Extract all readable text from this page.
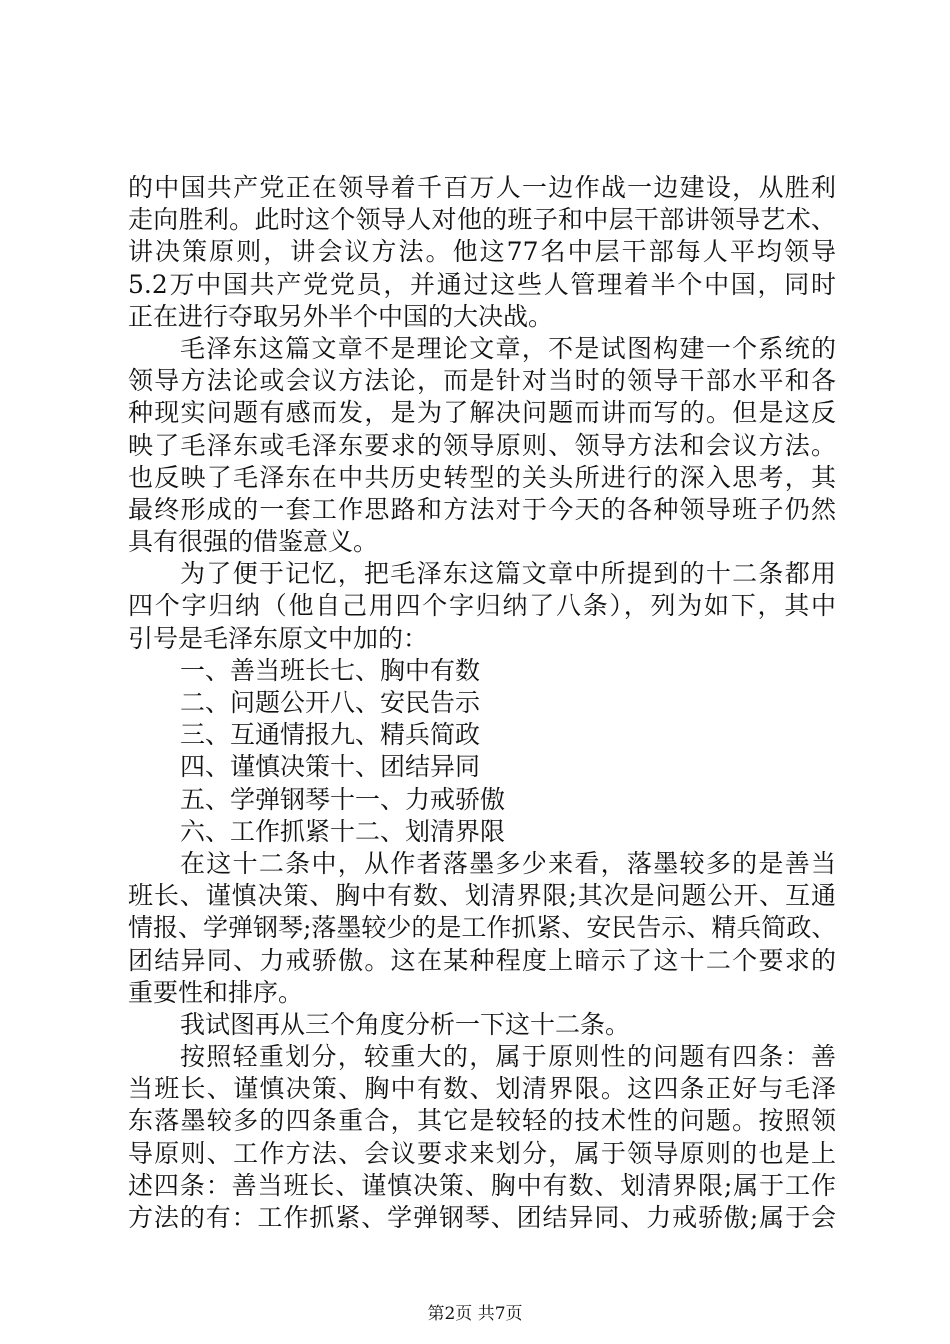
的中国共产党正在领导着千百万人一边作战一边建设，从胜利
走向胜利。此时这个领导人对他的班子和中层干部讲领导艺术、
讲决策原则，讲会议方法。他这77名中层干部每人平均领导
5.2万中国共产党党员，并通过这些人管理着半个中国，同时
正在进行夺取另外半个中国的大决战。
毛泽东这篇文章不是理论文章，不是试图构建一个系统的
领导方法论或会议方法论，而是针对当时的领导干部水平和各
种现实问题有感而发，是为了解决问题而讲而写的。但是这反
映了毛泽东或毛泽东要求的领导原则、领导方法和会议方法。
也反映了毛泽东在中共历史转型的关头所进行的深入思考，其
最终形成的一套工作思路和方法对于今天的各种领导班子仍然
具有很强的借鉴意义。
为了便于记忆，把毛泽东这篇文章中所提到的十二条都用
四个字归纳（他自己用四个字归纳了八条），列为如下，其中
引号是毛泽东原文中加的：
一、善当班长七、胸中有数
二、问题公开八、安民告示
三、互通情报九、精兵简政
四、谨慎决策十、团结异同
五、学弹钢琴十一、力戒骄傲
六、工作抓紧十二、划清界限
在这十二条中，从作者落墨多少来看，落墨较多的是善当
班长、谨慎决策、胸中有数、划清界限;其次是问题公开、互通
情报、学弹钢琴;落墨较少的是工作抓紧、安民告示、精兵简政、
团结异同、力戒骄傲。这在某种程度上暗示了这十二个要求的
重要性和排序。
我试图再从三个角度分析一下这十二条。
按照轻重划分，较重大的，属于原则性的问题有四条：善
当班长、谨慎决策、胸中有数、划清界限。这四条正好与毛泽
东落墨较多的四条重合，其它是较轻的技术性的问题。按照领
导原则、工作方法、会议要求来划分，属于领导原则的也是上
述四条：善当班长、谨慎决策、胸中有数、划清界限;属于工作
方法的有：工作抓紧、学弹钢琴、团结异同、力戒骄傲;属于会
第2页 共7页
